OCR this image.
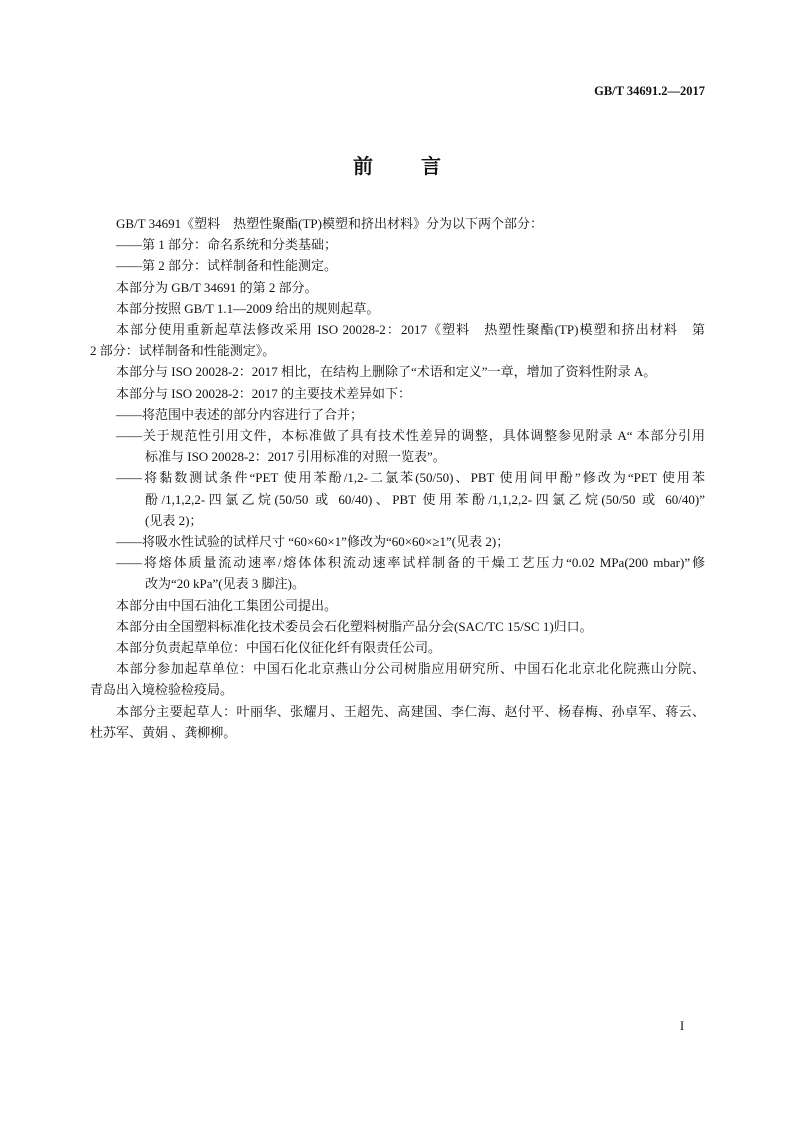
GB/T 34691.2—2017
前　言
GB/T 34691《塑料　热塑性聚酯(TP)模塑和挤出材料》分为以下两个部分：
——第 1 部分：命名系统和分类基础；
——第 2 部分：试样制备和性能测定。
本部分为 GB/T 34691 的第 2 部分。
本部分按照 GB/T 1.1—2009 给出的规则起草。
本部分使用重新起草法修改采用 ISO 20028-2：2017《塑料　热塑性聚酯(TP)模塑和挤出材料　第
2 部分：试样制备和性能测定》。
本部分与 ISO 20028-2：2017 相比，在结构上删除了“术语和定义”一章，增加了资料性附录 A。
本部分与 ISO 20028-2：2017 的主要技术差异如下：
——将范围中表述的部分内容进行了合并；
——关于规范性引用文件，本标准做了具有技术性差异的调整，具体调整参见附录 A“ 本部分引用
标准与 ISO 20028-2：2017 引用标准的对照一览表”。
——将黏数测试条件“PET 使用苯酚/1,2-二氯苯(50/50)、PBT 使用间甲酚”修改为“PET 使用苯
酚/1,1,2,2-四氯乙烷(50/50 或 60/40)、PBT 使用苯酚/1,1,2,2-四氯乙烷(50/50 或 60/40)”
(见表 2)；
——将吸水性试验的试样尺寸 “60×60×1”修改为“60×60×≥1”(见表 2)；
——将熔体质量流动速率/熔体体积流动速率试样制备的干燥工艺压力“0.02 MPa(200 mbar)”修
改为“20 kPa”(见表 3 脚注)。
本部分由中国石油化工集团公司提出。
本部分由全国塑料标准化技术委员会石化塑料树脂产品分会(SAC/TC 15/SC 1)归口。
本部分负责起草单位：中国石化仪征化纤有限责任公司。
本部分参加起草单位：中国石化北京燕山分公司树脂应用研究所、中国石化北京北化院燕山分院、
青岛出入境检验检疫局。
本部分主要起草人：叶丽华、张耀月、王超先、高建国、李仁海、赵付平、杨春梅、孙卓军、蒋云、
杜苏军、黄娟 、龚柳柳。
I
